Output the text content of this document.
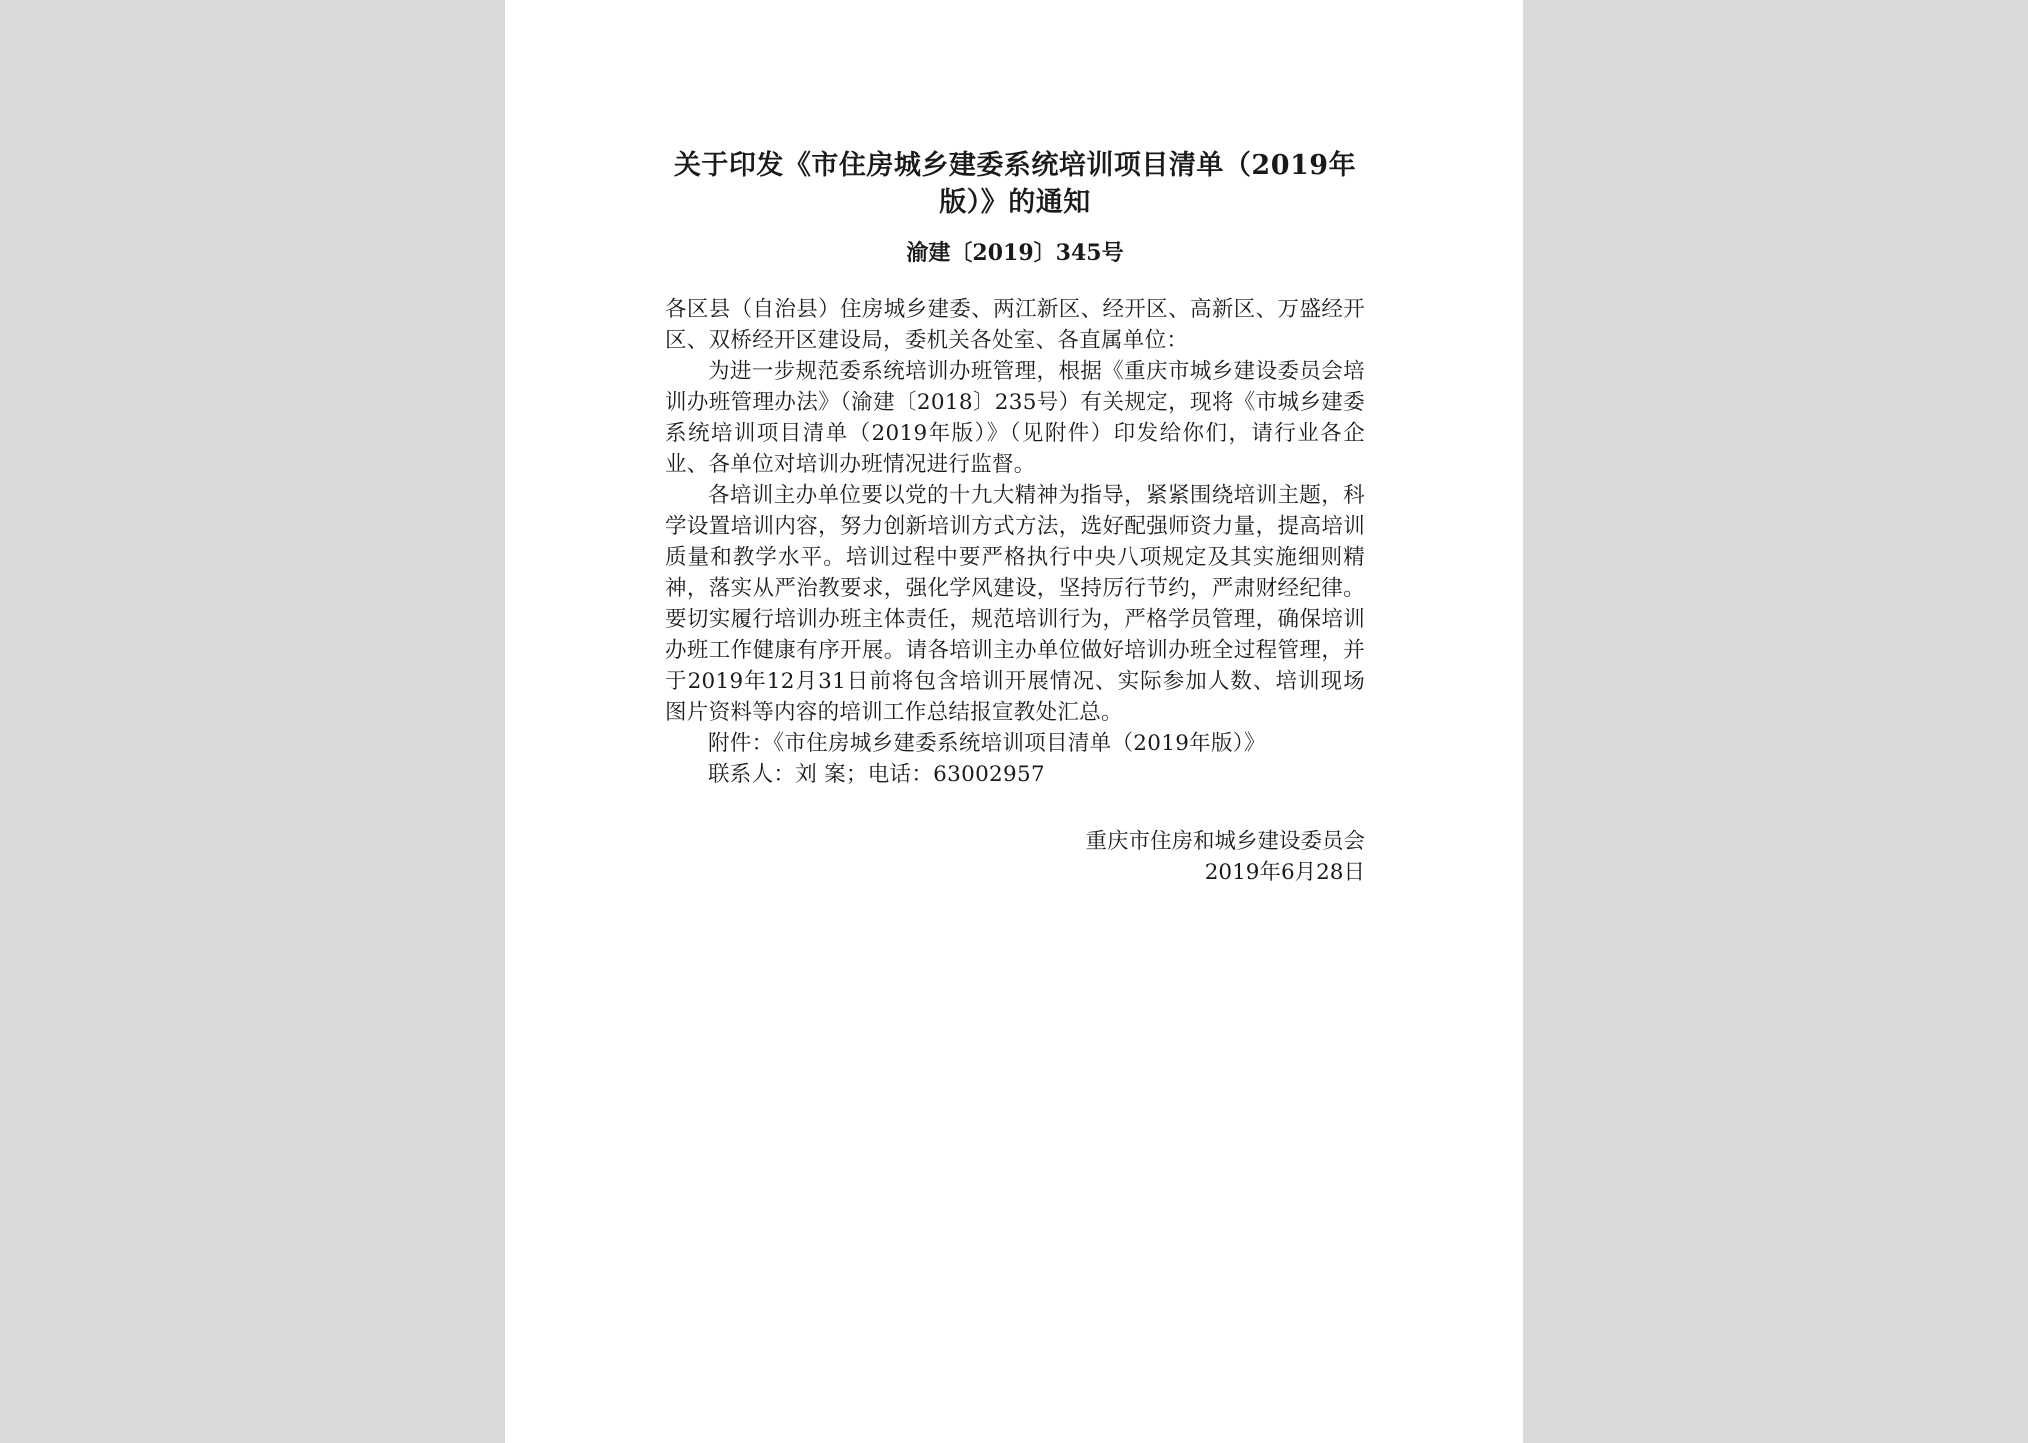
关于印发《市住房城乡建委系统培训项目清单（2019年版）》的通知
渝建〔2019〕345号

各区县（自治县）住房城乡建委、两江新区、经开区、高新区、万盛经开区、双桥经开区建设局，委机关各处室、各直属单位：

为进一步规范委系统培训办班管理，根据《重庆市城乡建设委员会培训办班管理办法》（渝建〔2018〕235号）有关规定，现将《市城乡建委系统培训项目清单（2019年版）》（见附件）印发给你们，请行业各企业、各单位对培训办班情况进行监督。

各培训主办单位要以党的十九大精神为指导，紧紧围绕培训主题，科学设置培训内容，努力创新培训方式方法，选好配强师资力量，提高培训质量和教学水平。培训过程中要严格执行中央八项规定及其实施细则精神，落实从严治教要求，强化学风建设，坚持厉行节约，严肃财经纪律。要切实履行培训办班主体责任，规范培训行为，严格学员管理，确保培训办班工作健康有序开展。请各培训主办单位做好培训办班全过程管理，并于2019年12月31日前将包含培训开展情况、实际参加人数、培训现场图片资料等内容的培训工作总结报宣教处汇总。

附件：《市住房城乡建委系统培训项目清单（2019年版）》

联系人：刘 案；电话：63002957

重庆市住房和城乡建设委员会
2019年6月28日
